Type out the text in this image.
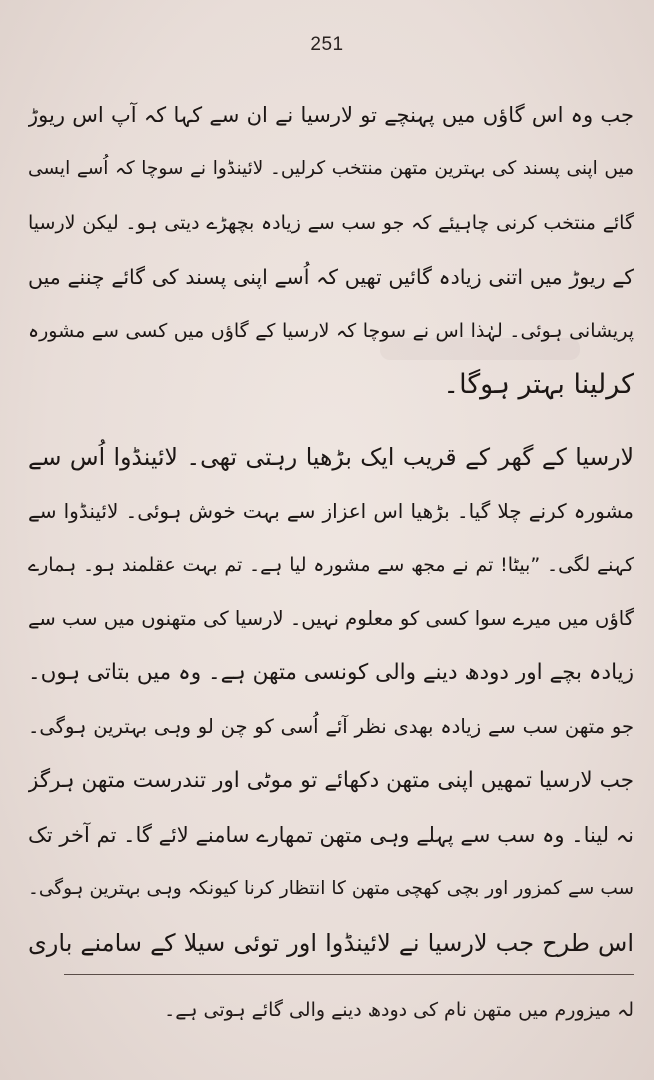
251
جب وہ اس گاؤں میں پہنچے تو لارسیا نے ان سے کہا کہ آپ اس ریوڑ
میں اپنی پسند کی بہترین متھن منتخب کرلیں۔ لائینڈوا نے سوچا کہ اُسے ایسی
گائے منتخب کرنی چاہیئے کہ جو سب سے زیادہ بچھڑے دیتی ہو۔ لیکن لارسیا
کے ریوڑ میں اتنی زیادہ گائیں تھیں کہ اُسے اپنی پسند کی گائے چننے میں
پریشانی ہوئی۔ لہٰذا اس نے سوچا کہ لارسیا کے گاؤں میں کسی سے مشورہ
کرلینا بہتر ہوگا۔
لارسیا کے گھر کے قریب ایک بڑھیا رہتی تھی۔ لائینڈوا اُس سے
مشورہ کرنے چلا گیا۔ بڑھیا اس اعزاز سے بہت خوش ہوئی۔ لائینڈوا سے
کہنے لگی۔ ”بیٹا! تم نے مجھ سے مشورہ لیا ہے۔ تم بہت عقلمند ہو۔ ہمارے
گاؤں میں میرے سوا کسی کو معلوم نہیں۔ لارسیا کی متھنوں میں سب سے
زیادہ بچے اور دودھ دینے والی کونسی متھن ہے۔ وہ میں بتاتی ہوں۔
جو متھن سب سے زیادہ بھدی نظر آئے اُسی کو چن لو وہی بہترین ہوگی۔
جب لارسیا تمھیں اپنی متھن دکھائے تو موٹی اور تندرست متھن ہرگز
نہ لینا۔ وہ سب سے پہلے وہی متھن تمھارے سامنے لائے گا۔ تم آخر تک
سب سے کمزور اور بچی کھچی متھن کا انتظار کرنا کیونکہ وہی بہترین ہوگی۔
اس طرح جب لارسیا نے لائینڈوا اور توئی سیلا کے سامنے باری
لہ میزورم میں متھن نام کی دودھ دینے والی گائے ہوتی ہے۔
